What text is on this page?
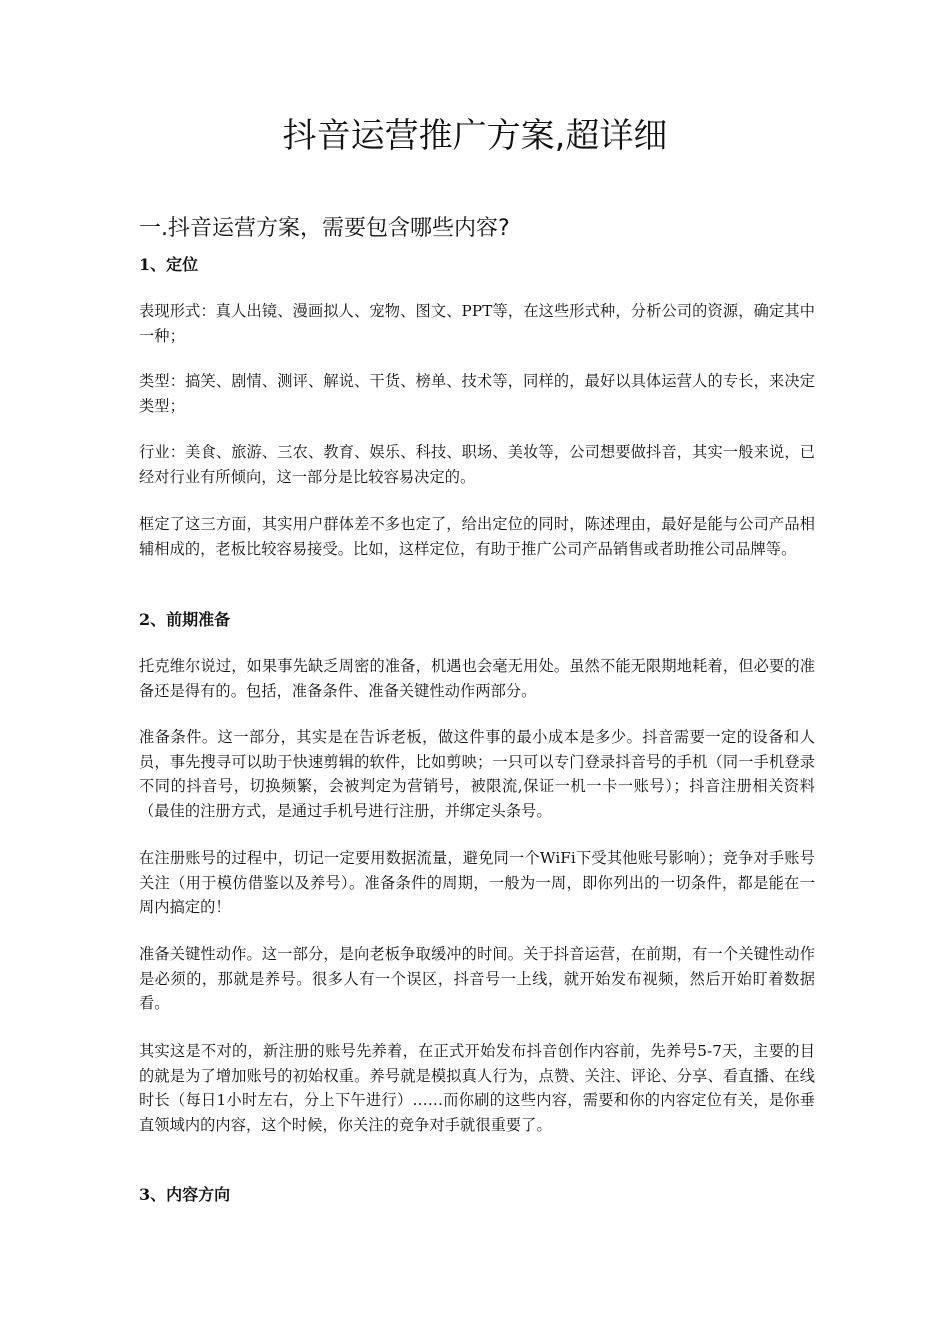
抖音运营推广方案,超详细
一.抖音运营方案，需要包含哪些内容?
1、定位

表现形式：真人出镜、漫画拟人、宠物、图文、PPT等，在这些形式种，分析公司的资源，确定其中一种；

类型：搞笑、剧情、测评、解说、干货、榜单、技术等，同样的，最好以具体运营人的专长，来决定类型；

行业：美食、旅游、三农、教育、娱乐、科技、职场、美妆等，公司想要做抖音，其实一般来说，已经对行业有所倾向，这一部分是比较容易决定的。

框定了这三方面，其实用户群体差不多也定了，给出定位的同时，陈述理由，最好是能与公司产品相辅相成的，老板比较容易接受。比如，这样定位，有助于推广公司产品销售或者助推公司品牌等。

2、前期准备

托克维尔说过，如果事先缺乏周密的准备，机遇也会毫无用处。虽然不能无限期地耗着，但必要的准备还是得有的。包括，准备条件、准备关键性动作两部分。

准备条件。这一部分，其实是在告诉老板，做这件事的最小成本是多少。抖音需要一定的设备和人员，事先搜寻可以助于快速剪辑的软件，比如剪映；一只可以专门登录抖音号的手机（同一手机登录不同的抖音号，切换频繁，会被判定为营销号，被限流,保证一机一卡一账号）；抖音注册相关资料（最佳的注册方式，是通过手机号进行注册，并绑定头条号。

在注册账号的过程中，切记一定要用数据流量，避免同一个WiFi下受其他账号影响）；竞争对手账号关注（用于模仿借鉴以及养号）。准备条件的周期，一般为一周，即你列出的一切条件，都是能在一周内搞定的！

准备关键性动作。这一部分，是向老板争取缓冲的时间。关于抖音运营，在前期，有一个关键性动作是必须的，那就是养号。很多人有一个误区，抖音号一上线，就开始发布视频，然后开始盯着数据看。

其实这是不对的，新注册的账号先养着，在正式开始发布抖音创作内容前，先养号5-7天，主要的目的就是为了增加账号的初始权重。养号就是模拟真人行为，点赞、关注、评论、分享、看直播、在线时长（每日1小时左右，分上下午进行）……而你刷的这些内容，需要和你的内容定位有关，是你垂直领域内的内容，这个时候，你关注的竞争对手就很重要了。

3、内容方向
